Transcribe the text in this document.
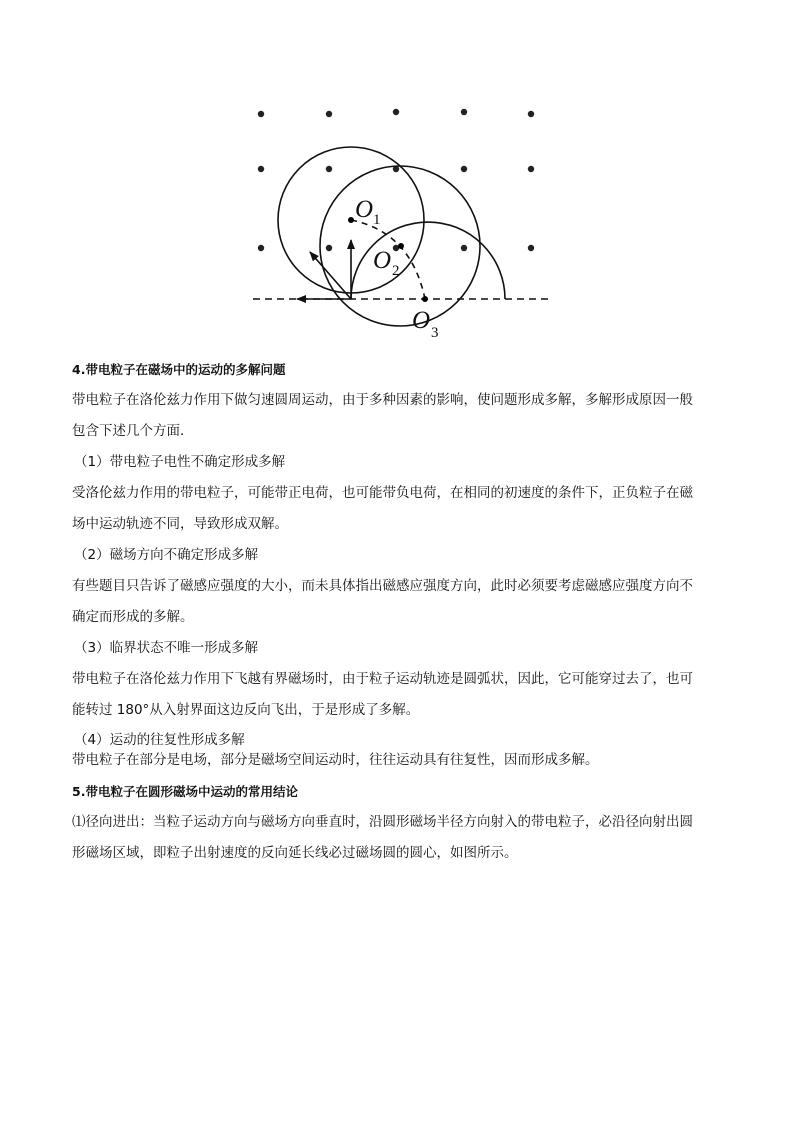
O 1
O 2
O 3
4.带电粒子在磁场中的运动的多解问题
带电粒子在洛伦兹力作用下做匀速圆周运动，由于多种因素的影响，使问题形成多解，多解形成原因一般
包含下述几个方面．
（1）带电粒子电性不确定形成多解
受洛伦兹力作用的带电粒子，可能带正电荷，也可能带负电荷，在相同的初速度的条件下，正负粒子在磁
场中运动轨迹不同，导致形成双解。
（2）磁场方向不确定形成多解
有些题目只告诉了磁感应强度的大小，而未具体指出磁感应强度方向，此时必须要考虑磁感应强度方向不
确定而形成的多解。
（3）临界状态不唯一形成多解
带电粒子在洛伦兹力作用下飞越有界磁场时，由于粒子运动轨迹是圆弧状，因此，它可能穿过去了，也可
能转过 180°从入射界面这边反向飞出，于是形成了多解。
（4）运动的往复性形成多解
带电粒子在部分是电场，部分是磁场空间运动时，往往运动具有往复性，因而形成多解。
5.带电粒子在圆形磁场中运动的常用结论
⑴径向进出：当粒子运动方向与磁场方向垂直时，沿圆形磁场半径方向射入的带电粒子，必沿径向射出圆
形磁场区域，即粒子出射速度的反向延长线必过磁场圆的圆心，如图所示。
